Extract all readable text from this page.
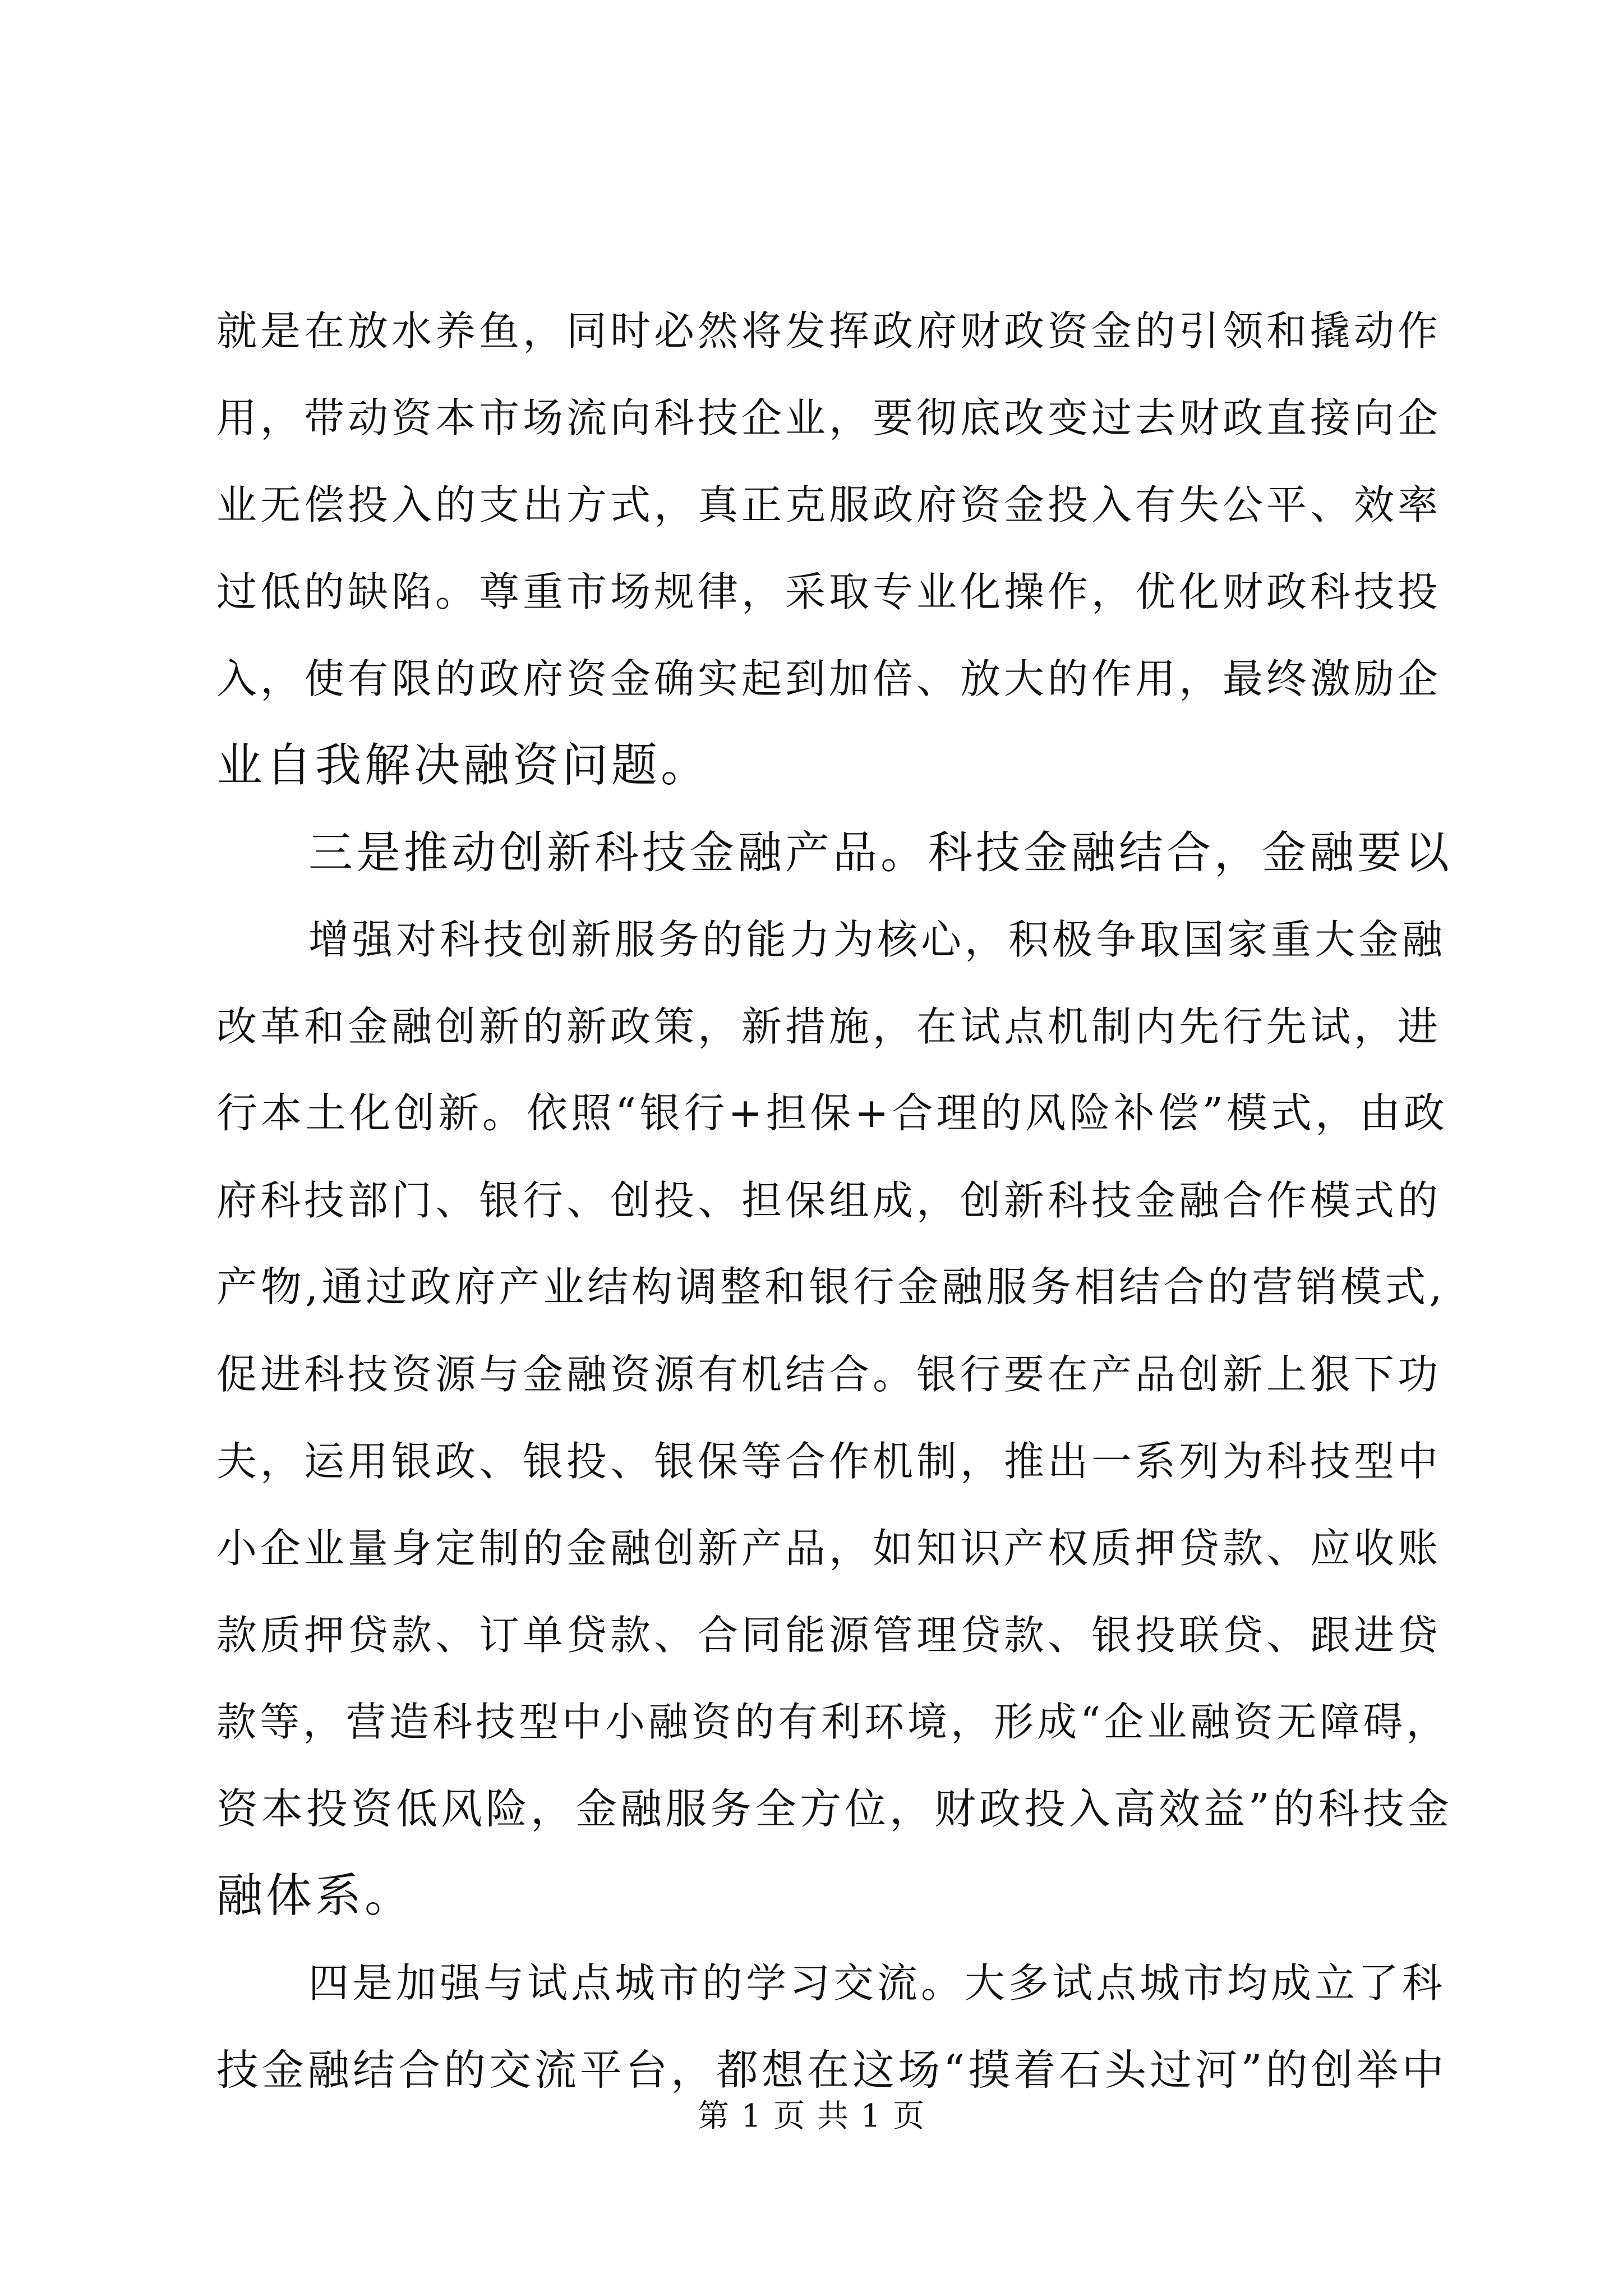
就是在放水养鱼，同时必然将发挥政府财政资金的引领和撬动作
用，带动资本市场流向科技企业，要彻底改变过去财政直接向企
业无偿投入的支出方式，真正克服政府资金投入有失公平、效率
过低的缺陷。尊重市场规律，采取专业化操作，优化财政科技投
入，使有限的政府资金确实起到加倍、放大的作用，最终激励企
业自我解决融资问题。
三是推动创新科技金融产品。科技金融结合，金融要以
增强对科技创新服务的能力为核心，积极争取国家重大金融
改革和金融创新的新政策，新措施，在试点机制内先行先试，进
行本土化创新。依照“银行+担保+合理的风险补偿”模式，由政
府科技部门、银行、创投、担保组成，创新科技金融合作模式的
产物,通过政府产业结构调整和银行金融服务相结合的营销模式,
促进科技资源与金融资源有机结合。银行要在产品创新上狠下功
夫，运用银政、银投、银保等合作机制，推出一系列为科技型中
小企业量身定制的金融创新产品，如知识产权质押贷款、应收账
款质押贷款、订单贷款、合同能源管理贷款、银投联贷、跟进贷
款等，营造科技型中小融资的有利环境，形成“企业融资无障碍，
资本投资低风险，金融服务全方位，财政投入高效益”的科技金
融体系。
四是加强与试点城市的学习交流。大多试点城市均成立了科
技金融结合的交流平台，都想在这场“摸着石头过河”的创举中
第 1 页 共 1 页
